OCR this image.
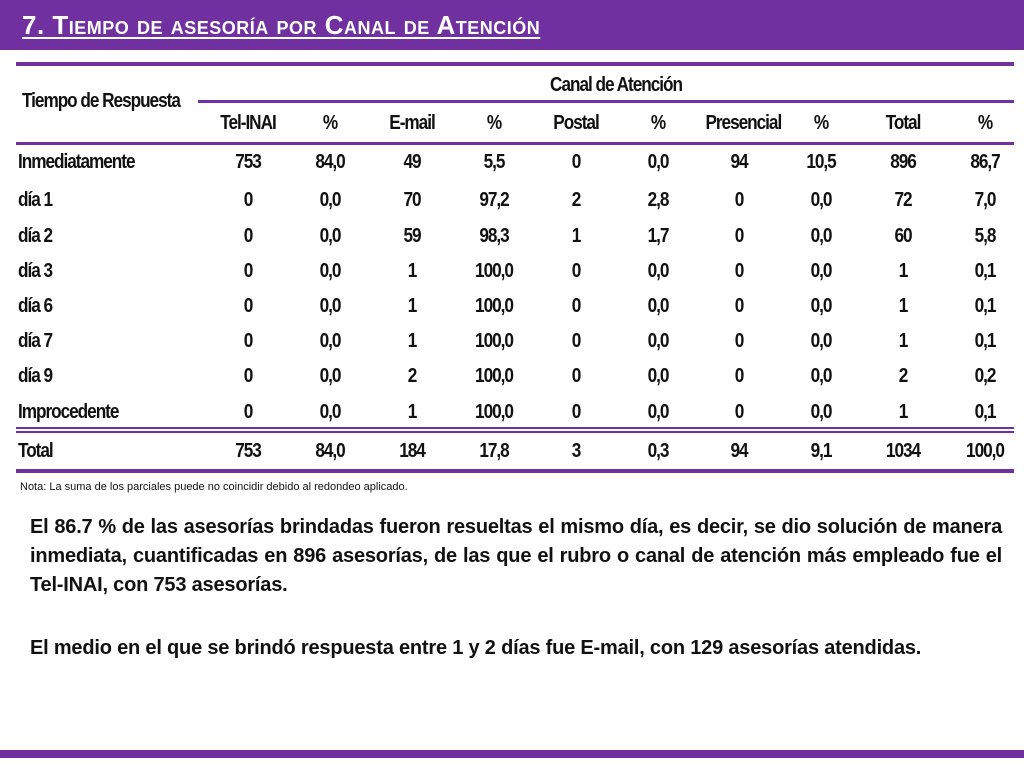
7. Tiempo de asesoría por Canal de Atención
Tiempo de Respuesta
Canal de Atención
Tel-INAI	%	E-mail	%	Postal	%	Presencial	%	Total	%
Inmediatamente	753	84,0	49	5,5	0	0,0	94	10,5	896	86,7
día 1	0	0,0	70	97,2	2	2,8	0	0,0	72	7,0
día 2	0	0,0	59	98,3	1	1,7	0	0,0	60	5,8
día 3	0	0,0	1	100,0	0	0,0	0	0,0	1	0,1
día 6	0	0,0	1	100,0	0	0,0	0	0,0	1	0,1
día 7	0	0,0	1	100,0	0	0,0	0	0,0	1	0,1
día 9	0	0,0	2	100,0	0	0,0	0	0,0	2	0,2
Improcedente	0	0,0	1	100,0	0	0,0	0	0,0	1	0,1
Total	753	84,0	184	17,8	3	0,3	94	9,1	1034	100,0
Nota: La suma de los parciales puede no coincidir debido al redondeo aplicado.
El 86.7 % de las asesorías brindadas fueron resueltas el mismo día, es decir, se dio solución de manera inmediata, cuantificadas en 896 asesorías, de las que el rubro o canal de atención más empleado fue el Tel-INAI, con 753 asesorías.
El medio en el que se brindó respuesta entre 1 y 2 días fue E-mail, con 129 asesorías atendidas.
